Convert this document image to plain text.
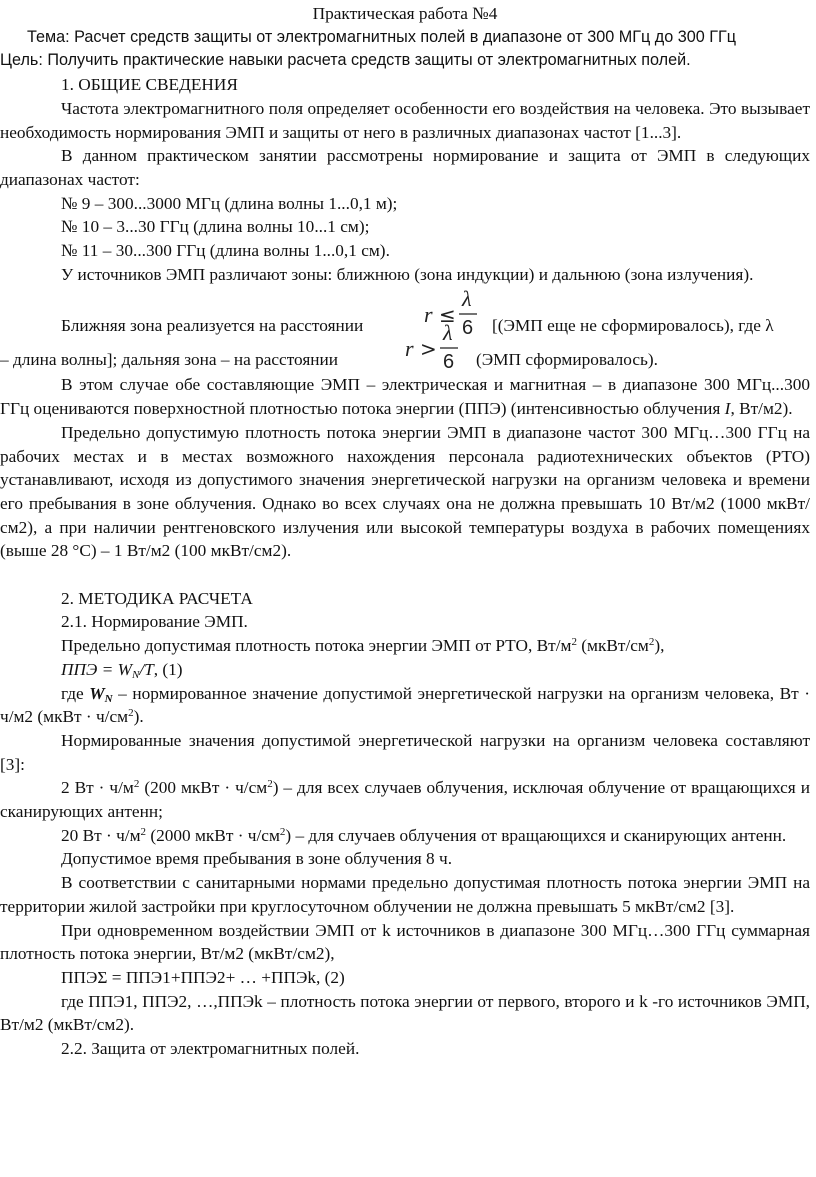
Практическая работа №4

Тема: Расчет средств защиты от электромагнитных полей в диапазоне от 300 МГц до 300 ГГц

Цель: Получить практические навыки расчета средств защиты от электромагнитных полей.

1. ОБЩИЕ СВЕДЕНИЯ

Частота электромагнитного поля определяет особенности его воздействия на человека. Это вызывает необходимость нормирования ЭМП и защиты от него в различных диапазонах частот [1...3].

В данном практическом занятии рассмотрены нормирование и защита от ЭМП в следующих диапазонах частот:

№ 9 – 300...3000 МГц (длина волны 1...0,1 м);

№ 10 – 3...30 ГГц (длина волны 10...1 см);

№ 11 – 30...300 ГГц (длина волны 1...0,1 см).

У источников ЭМП различают зоны: ближнюю (зона индукции) и дальнюю (зона излучения).

Ближняя зона реализуется на расстоянии	r ≤
λ
6 [(ЭМП еще не сформировалось), где λ
– длина волны]; дальняя зона – на расстоянии	r >
λ
6 (ЭМП сформировалось).

В этом случае обе составляющие ЭМП – электрическая и магнитная – в диапазоне 300 МГц...300 ГГц оцениваются поверхностной плотностью потока энергии (ППЭ) (интенсивностью облучения I, Вт/м2).

Предельно допустимую плотность потока энергии ЭМП в диапазоне частот 300 МГц…300 ГГц на рабочих местах и в местах возможного нахождения персонала радиотехнических объектов (РТО) устанавливают, исходя из допустимого значения энергетической нагрузки на организм человека и времени его пребывания в зоне облучения. Однако во всех случаях она не должна превышать 10 Вт/м2 (1000 мкВт/см2), а при наличии рентгеновского излучения или высокой температуры воздуха в рабочих помещениях (выше 28 °С) – 1 Вт/м2 (100 мкВт/см2).

2. МЕТОДИКА РАСЧЕТА

2.1. Нормирование ЭМП.

Предельно допустимая плотность потока энергии ЭМП от РТО, $Вт/м^2$ $(мкВт/см^2)$,

ППЭ = $W_N/T$, (1)

где $W_N$ – нормированное значение допустимой энергетической нагрузки на организм человека, Вт · ч/м2 (мкВт · $ч/см^2$).

Нормированные значения допустимой энергетической нагрузки на организм человека составляют [3]:

2 Вт · $ч/м^2$ (200 мкВт · $ч/см^2$) – для всех случаев облучения, исключая облучение от вращающихся и сканирующих антенн;

20 Вт · $ч/м^2$ (2000 мкВт · $ч/см^2$) – для случаев облучения от вращающихся и сканирующих антенн.

Допустимое время пребывания в зоне облучения 8 ч.

В соответствии с санитарными нормами предельно допустимая плотность потока энергии ЭМП на территории жилой застройки при круглосуточном облучении не должна превышать 5 мкВт/см2 [3].

При одновременном воздействии ЭМП от k источников в диапазоне 300 МГц…300 ГГц суммарная плотность потока энергии, Вт/м2 (мкВт/см2),

ППЭΣ = ППЭ1+ППЭ2+ … +ППЭk, (2)

где ППЭ1, ППЭ2, …,ППЭk – плотность потока энергии от первого, второго и k -го источников ЭМП, Вт/м2 (мкВт/см2).

2.2. Защита от электромагнитных полей.
